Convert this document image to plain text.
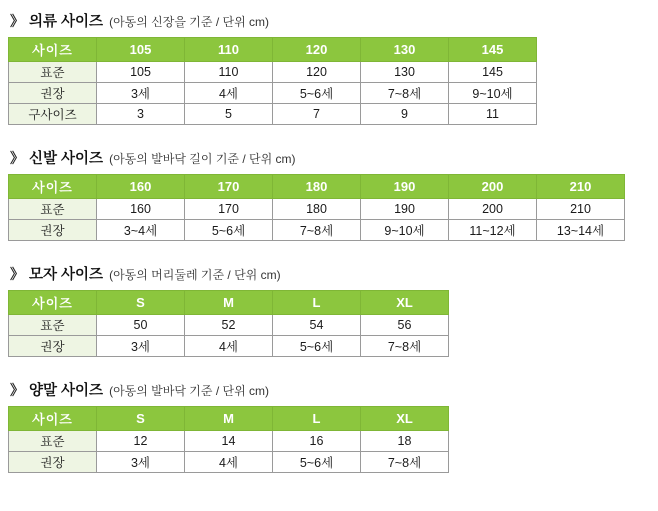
》 의류 사이즈 (아동의 신장을 기준 / 단위 cm)
사이즈	105	110	120	130	145
표준	105	110	120	130	145
권장	3세	4세	5~6세	7~8세	9~10세
구사이즈	3	5	7	9	11
》 신발 사이즈 (아동의 발바닥 길이 기준 / 단위 cm)
사이즈	160	170	180	190	200	210
표준	160	170	180	190	200	210
권장	3~4세	5~6세	7~8세	9~10세	11~12세	13~14세
》 모자 사이즈 (아동의 머리둘레 기준 / 단위 cm)
사이즈	S	M	L	XL
표준	50	52	54	56
권장	3세	4세	5~6세	7~8세
》 양말 사이즈 (아동의 발바닥 기준 / 단위 cm)
사이즈	S	M	L	XL
표준	12	14	16	18
권장	3세	4세	5~6세	7~8세
